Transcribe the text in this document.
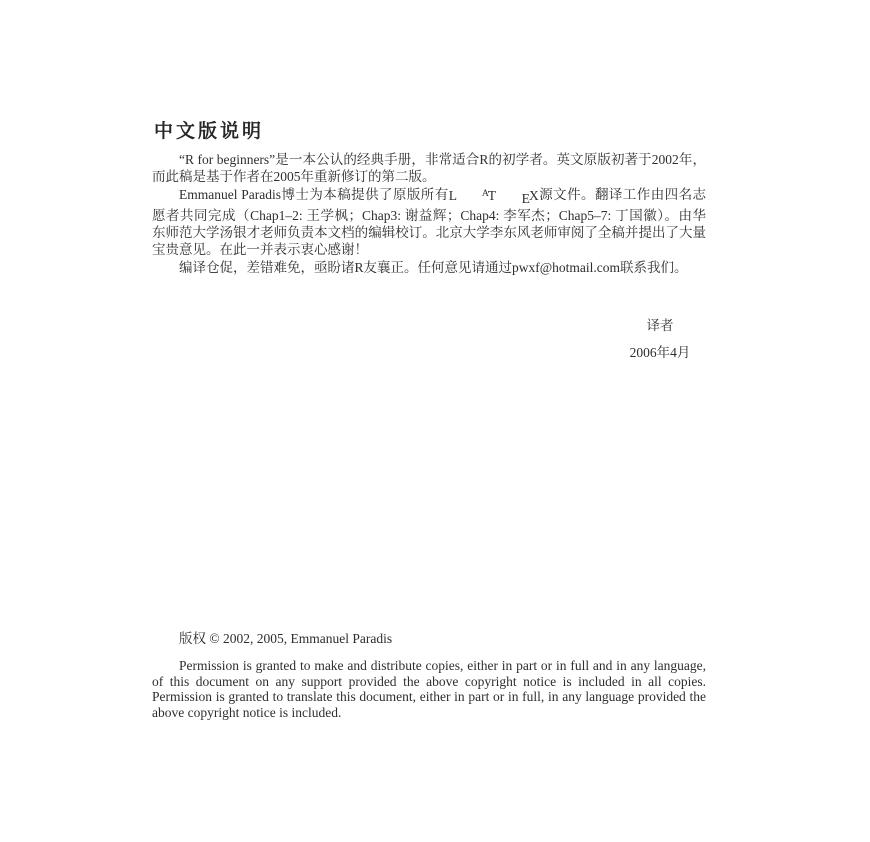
中文版说明

“R for beginners”是一本公认的经典手册，非常适合R的初学者。英文原版初著于2002年，而此稿是基于作者在2005年重新修订的第二版。

Emmanuel Paradis博士为本稿提供了原版所有L	AT EX源文件。翻译工作由四名志愿者共同完成（Chap1–2: 王学枫；Chap3: 谢益辉；Chap4: 李军杰；Chap5–7: 丁国徽）。由华东师范大学汤银才老师负责本文档的编辑校订。北京大学李东风老师审阅了全稿并提出了大量宝贵意见。在此一并表示衷心感谢！

编译仓促，差错难免，亟盼诸R友襄正。任何意见请通过pwxf@hotmail.com联系我们。

译者
2006年4月

版权 © 2002, 2005, Emmanuel Paradis

Permission is granted to make and distribute copies, either in part or in full and in any language, of this document on any support provided the above copyright notice is included in all copies. Permission is granted to translate this document, either in part or in full, in any language provided the above copyright notice is included.
